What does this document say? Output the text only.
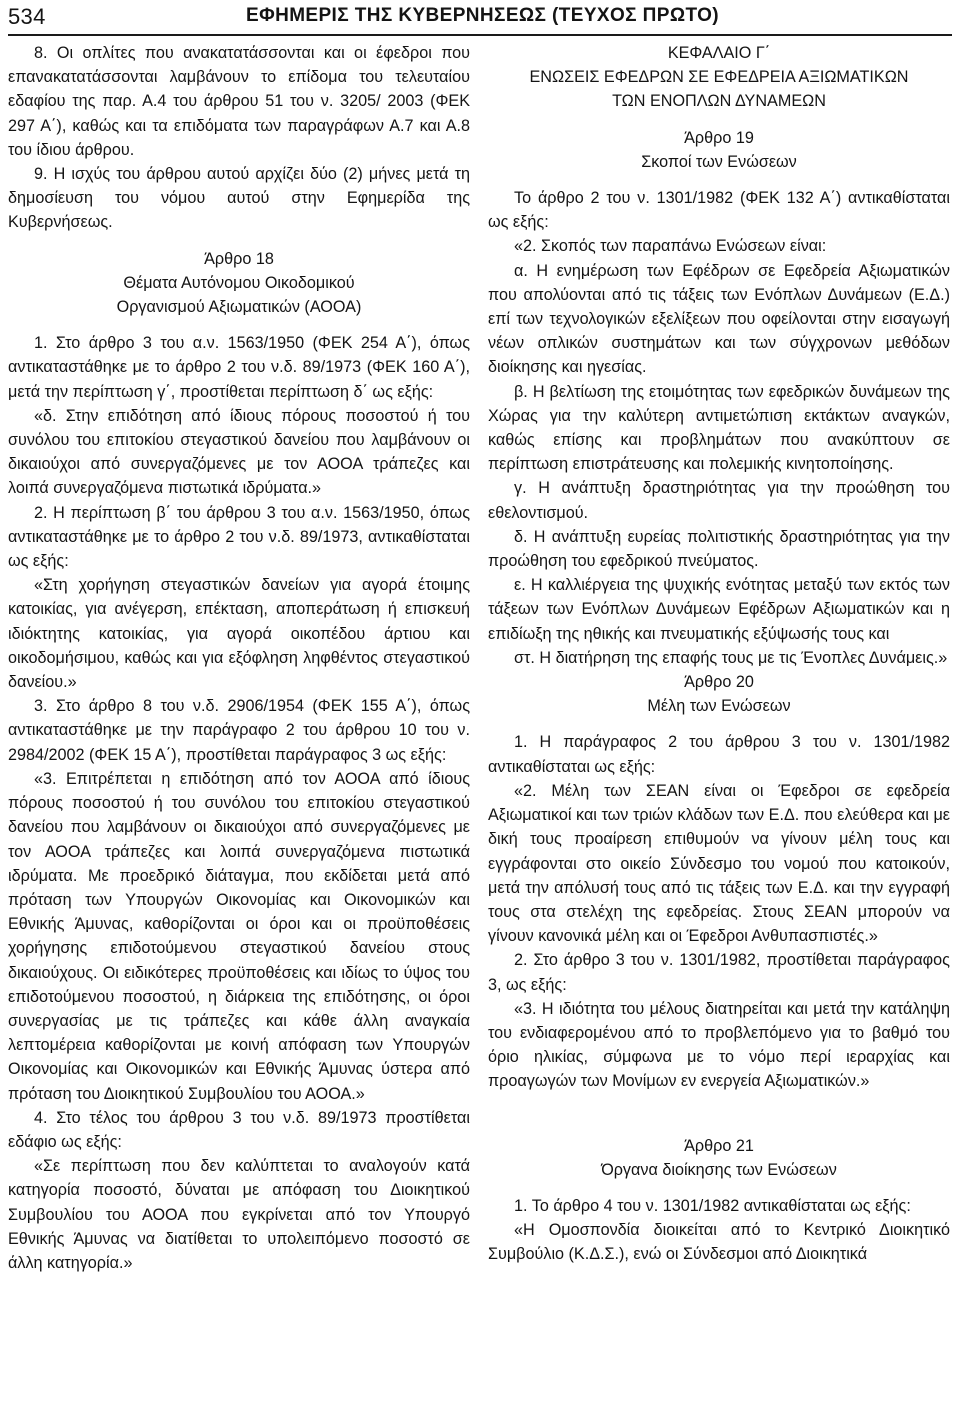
534	ΕΦΗΜΕΡΙΣ ΤΗΣ ΚΥΒΕΡΝΗΣΕΩΣ (ΤΕΥΧΟΣ ΠΡΩΤΟ)

8. Οι οπλίτες που ανακατατάσσονται και οι έφεδροι που επανακατατάσσονται λαμβάνουν το επίδομα του τελευταίου εδαφίου της παρ. Α.4 του άρθρου 51 του ν. 3205/ 2003 (ΦΕΚ 297 Α΄), καθώς και τα επιδόματα των παραγράφων Α.7 και Α.8 του ίδιου άρθρου.

9. Η ισχύς του άρθρου αυτού αρχίζει δύο (2) μήνες μετά τη δημοσίευση του νόμου αυτού στην Εφημερίδα της Κυβερνήσεως.

Άρθρο 18

Θέματα Αυτόνομου Οικοδομικού

Οργανισμού Αξιωματικών (ΑΟΟΑ)

1. Στο άρθρο 3 του α.ν. 1563/1950 (ΦΕΚ 254 Α΄), όπως αντικαταστάθηκε με το άρθρο 2 του ν.δ. 89/1973 (ΦΕΚ 160 Α΄), μετά την περίπτωση γ΄, προστίθεται περίπτωση δ΄ ως εξής:

«δ. Στην επιδότηση από ίδιους πόρους ποσοστού ή του συνόλου του επιτοκίου στεγαστικού δανείου που λαμβάνουν οι δικαιούχοι από συνεργαζόμενες με τον ΑΟΟΑ τράπεζες και λοιπά συνεργαζόμενα πιστωτικά ιδρύματα.»

2. Η περίπτωση β΄ του άρθρου 3 του α.ν. 1563/1950, όπως αντικαταστάθηκε με το άρθρο 2 του ν.δ. 89/1973, αντικαθίσταται ως εξής:

«Στη χορήγηση στεγαστικών δανείων για αγορά έτοιμης κατοικίας, για ανέγερση, επέκταση, αποπεράτωση ή επισκευή ιδιόκτητης κατοικίας, για αγορά οικοπέδου άρτιου και οικοδομήσιμου, καθώς και για εξόφληση ληφθέντος στεγαστικού δανείου.»

3. Στο άρθρο 8 του ν.δ. 2906/1954 (ΦΕΚ 155 Α΄), όπως αντικαταστάθηκε με την παράγραφο 2 του άρθρου 10 του ν. 2984/2002 (ΦΕΚ 15 Α΄), προστίθεται παράγραφος 3 ως εξής:

«3. Επιτρέπεται η επιδότηση από τον ΑΟΟΑ από ίδιους πόρους ποσοστού ή του συνόλου του επιτοκίου στεγαστικού δανείου που λαμβάνουν οι δικαιούχοι από συνεργαζόμενες με τον ΑΟΟΑ τράπεζες και λοιπά συνεργαζόμενα πιστωτικά ιδρύματα. Με προεδρικό διάταγμα, που εκδίδεται μετά από πρόταση των Υπουργών Οικονομίας και Οικονομικών και Εθνικής Άμυνας, καθορίζονται οι όροι και οι προϋποθέσεις χορήγησης επιδοτούμενου στεγαστικού δανείου στους δικαιούχους. Οι ειδικότερες προϋποθέσεις και ιδίως το ύψος του επιδοτούμενου ποσοστού, η διάρκεια της επιδότησης, οι όροι συνεργασίας με τις τράπεζες και κάθε άλλη αναγκαία λεπτομέρεια καθορίζονται με κοινή απόφαση των Υπουργών Οικονομίας και Οικονομικών και Εθνικής Άμυνας ύστερα από πρόταση του Διοικητικού Συμβουλίου του ΑΟΟΑ.»

4. Στο τέλος του άρθρου 3 του ν.δ. 89/1973 προστίθεται εδάφιο ως εξής:

«Σε περίπτωση που δεν καλύπτεται το αναλογούν κατά κατηγορία ποσοστό, δύναται με απόφαση του Διοικητικού Συμβουλίου του ΑΟΟΑ που εγκρίνεται από τον Υπουργό Εθνικής Άμυνας να διατίθεται το υπολειπόμενο ποσοστό σε άλλη κατηγορία.»

ΚΕΦΑΛΑΙΟ Γ΄

ΕΝΩΣΕΙΣ ΕΦΕΔΡΩΝ ΣΕ ΕΦΕΔΡΕΙΑ ΑΞΙΩΜΑΤΙΚΩΝ

ΤΩΝ ΕΝΟΠΛΩΝ ΔΥΝΑΜΕΩΝ

Άρθρο 19

Σκοποί των Ενώσεων

Το άρθρο 2 του ν. 1301/1982 (ΦΕΚ 132 Α΄) αντικαθίσταται ως εξής:

«2. Σκοπός των παραπάνω Ενώσεων είναι:

α. Η ενημέρωση των Εφέδρων σε Εφεδρεία Αξιωματικών που απολύονται από τις τάξεις των Ενόπλων Δυνάμεων (Ε.Δ.) επί των τεχνολογικών εξελίξεων που οφείλονται στην εισαγωγή νέων οπλικών συστημάτων και των σύγχρονων μεθόδων διοίκησης και ηγεσίας.

β. Η βελτίωση της ετοιμότητας των εφεδρικών δυνάμεων της Χώρας για την καλύτερη αντιμετώπιση εκτάκτων αναγκών, καθώς επίσης και προβλημάτων που ανακύπτουν σε περίπτωση επιστράτευσης και πολεμικής κινητοποίησης.

γ. Η ανάπτυξη δραστηριότητας για την προώθηση του εθελοντισμού.

δ. Η ανάπτυξη ευρείας πολιτιστικής δραστηριότητας για την προώθηση του εφεδρικού πνεύματος.

ε. Η καλλιέργεια της ψυχικής ενότητας μεταξύ των εκτός των τάξεων των Ενόπλων Δυνάμεων Εφέδρων Αξιωματικών και η επιδίωξη της ηθικής και πνευματικής εξύψωσής τους και

στ. Η διατήρηση της επαφής τους με τις Ένοπλες Δυνάμεις.»

Άρθρο 20

Μέλη των Ενώσεων

1. Η παράγραφος 2 του άρθρου 3 του ν. 1301/1982 αντικαθίσταται ως εξής:

«2. Μέλη των ΣΕΑΝ είναι οι Έφεδροι σε εφεδρεία Αξιωματικοί και των τριών κλάδων των Ε.Δ. που ελεύθερα και με δική τους προαίρεση επιθυμούν να γίνουν μέλη τους και εγγράφονται στο οικείο Σύνδεσμο του νομού που κατοικούν, μετά την απόλυσή τους από τις τάξεις των Ε.Δ. και την εγγραφή τους στα στελέχη της εφεδρείας. Στους ΣΕΑΝ μπορούν να γίνουν κανονικά μέλη και οι Έφεδροι Ανθυπασπιστές.»

2. Στο άρθρο 3 του ν. 1301/1982, προστίθεται παράγραφος 3, ως εξής:

«3. Η ιδιότητα του μέλους διατηρείται και μετά την κατάληψη του ενδιαφερομένου από το προβλεπόμενο για το βαθμό του όριο ηλικίας, σύμφωνα με το νόμο περί ιεραρχίας και προαγωγών των Μονίμων εν ενεργεία Αξιωματικών.»

Άρθρο 21

Όργανα διοίκησης των Ενώσεων

1. Το άρθρο 4 του ν. 1301/1982 αντικαθίσταται ως εξής:

«Η Ομοσπονδία διοικείται από το Κεντρικό Διοικητικό Συμβούλιο (Κ.Δ.Σ.), ενώ οι Σύνδεσμοι από Διοικητικά
